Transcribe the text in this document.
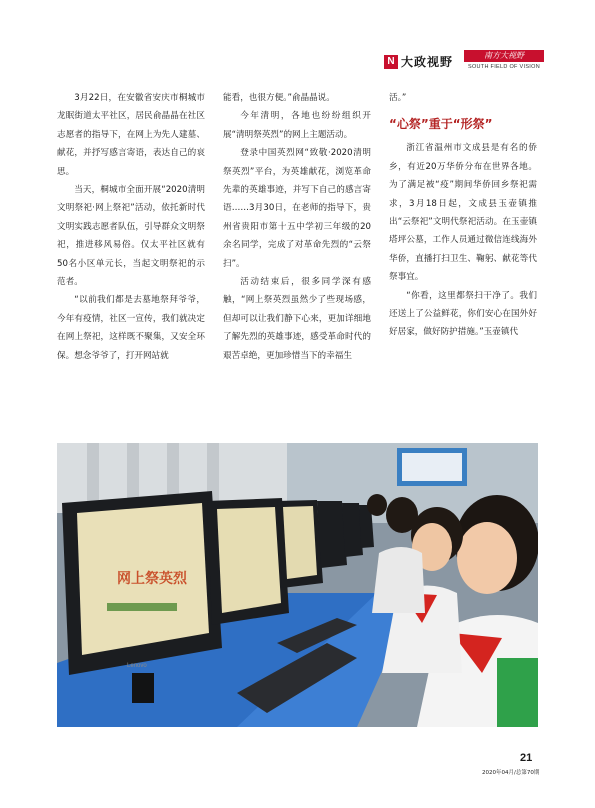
N 大政视野	南方大视野
SOUTH FIELD OF VISION

3月22日，在安徽省安庆市桐城市龙眠街道太平社区，居民俞晶晶在社区志愿者的指导下，在网上为先人建墓、献花，并抒写感言寄语，表达自己的哀思。

当天，桐城市全面开展“2020清明文明祭祀·网上祭祀”活动，依托新时代文明实践志愿者队伍，引导群众文明祭祀，推进移风易俗。仅太平社区就有50名小区单元长，当起文明祭祀的示范者。

“以前我们都是去墓地祭拜爷爷，今年有疫情，社区一宣传，我们就决定在网上祭祀，这样既不聚集，又安全环保。想念爷爷了，打开网站就

能看，也很方便。”俞晶晶说。

今年清明，各地也纷纷组织开展“清明祭英烈”的网上主题活动。

登录中国英烈网“致敬·2020清明祭英烈”平台，为英雄献花，浏览革命先辈的英雄事迹，并写下自己的感言寄语……3月30日，在老师的指导下，贵州省贵阳市第十五中学初三年级的20余名同学，完成了对革命先烈的“云祭扫”。

活动结束后，很多同学深有感触，“网上祭英烈虽然少了些现场感，但却可以让我们静下心来，更加详细地了解先烈的英雄事迹，感受革命时代的艰苦卓绝，更加珍惜当下的幸福生

活。”

“心祭”重于“形祭”

浙江省温州市文成县是有名的侨乡，有近20万华侨分布在世界各地。为了满足被“疫”期间华侨回乡祭祀需求，3月18日起，文成县玉壶镇推出“云祭祀”文明代祭祀活动。在玉壶镇塔坪公墓，工作人员通过微信连线海外华侨，直播打扫卫生、鞠躬、献花等代祭事宜。

“你看，这里都祭扫干净了。我们还送上了公益鲜花，你们安心在国外好好居家，做好防护措施。”玉壶镇代

网上祭英烈
Lenovo
21
2020年04月/总第70期
